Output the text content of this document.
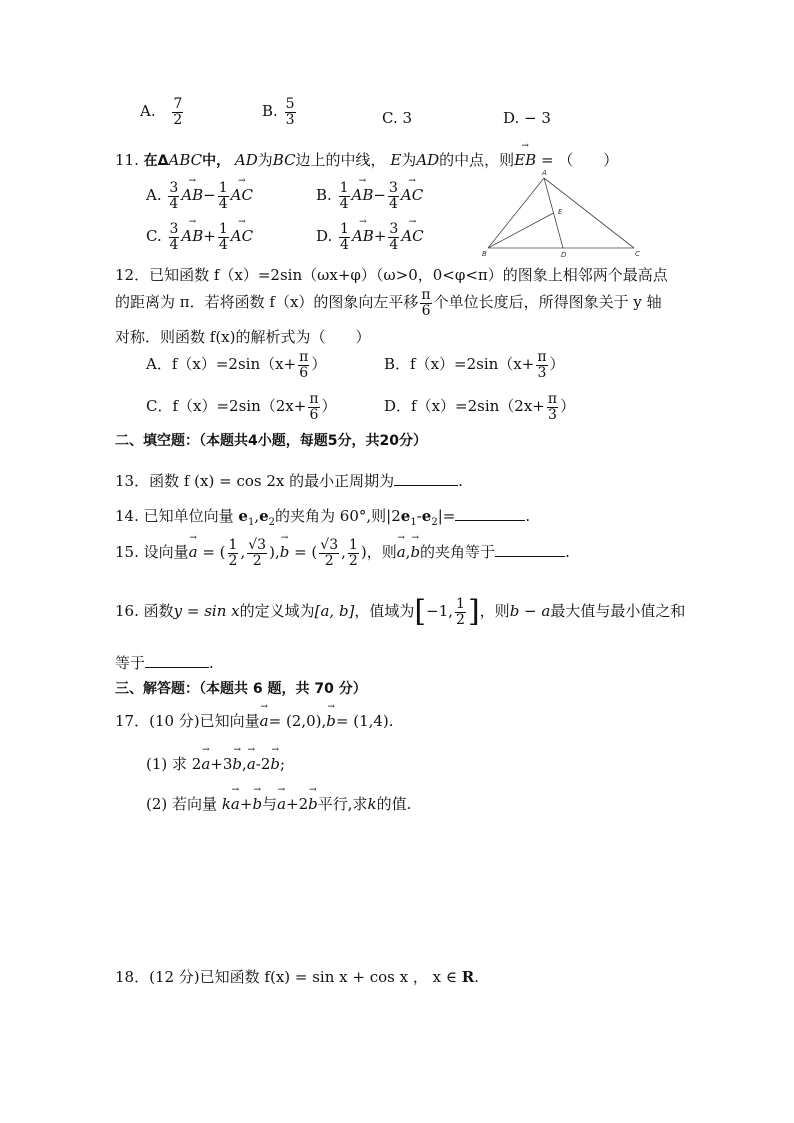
A. $\frac{7}{2}$	B. $\frac{5}{3}$	C. 3	D. − 3
11. 在ΔABC中， AD为BC边上的中线， E为AD的中点，则→ EB = （　　）
A. $\frac{3}{4}$
→ $AB- \frac{1}{4}$
→ AC	B. $\frac{1}{4}$
→ $AB- \frac{3}{4}$
→ AC
C. $\frac{3}{4}$
→ $AB+ \frac{1}{4}$
→ AC	D. $\frac{1}{4}$
→ $AB+ \frac{3}{4}$
→ AC
A
B	C
D
E
12．已知函数 f（x）=2sin（ωx+φ）（ω>0，0<φ<π）的图象上相邻两个最高点
的距离为 π．若将函数 f（x）的图象向左平移 $\frac{\pi}{6}$ 个单位长度后，所得图象关于 y 轴
对称．则函数 f(x)的解析式为（　　）
A．$f(x)=2\sin(x+ \frac{\pi}{6}$ ）	B．$f(x)=2\sin(x+ \frac{\pi}{3}$ ）
C．$f(x)=2\sin(2x+ \frac{\pi}{6}$ ）	D．$f(x)=2\sin(2x+ \frac{\pi}{3}$ ）
二、填空题：（本题共4小题，每题5分，共20分）
13．函数 f (x) = cos 2x 的最小正周期为	.
14. 已知单位向量 $e_1,e_2$的夹角为 60°,则$|2e_1-e_2|=$	.
15. 设向量→ a = ( $\frac{1}{2}$ , $\frac{√3}{2}$ ),→ b = ( $\frac{√3}{2}$ , $\frac{1}{2}$ )，则→ a,→ b的夹角等于	.
16. 函数y = sin x的定义域为[a, b]，值域为[−1, $\frac{1}{2}$ ]，则b − a最大值与最小值之和
等于	.
三、解答题：（本题共 6 题，共 70 分）
17．(10 分)已知向量→ a= (2,0),→ b= (1,4).
(1) 求 2→ a+3→ b,→ a-2→ b;
(2) 若向量 k→ a+→ b与→ a+2→ b平行,求k的值.
18．(12 分)已知函数 f(x) = sin x + cos x ， x ∈ R.
